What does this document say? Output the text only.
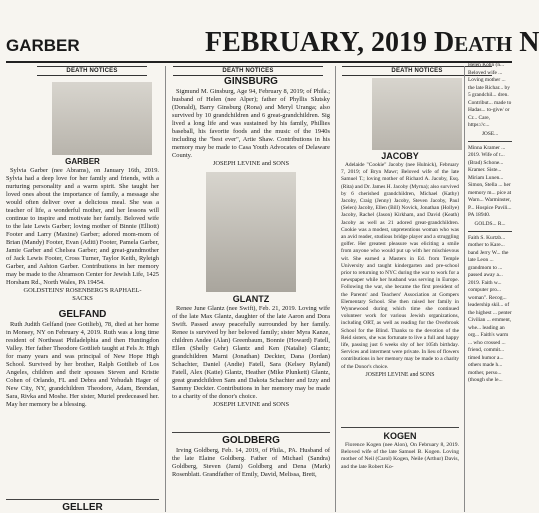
GARBER	FEBRUARY, 2019 DEATH N
DEATH NOTICES	DEATH NOTICES	DEATH NOTICES
GARBER

Sylvia Garber (nee Abrams), on January 16th, 2019. Sylvia had a deep love for her family and friends, with a nurturing personality and a warm spirit. She taught her loved ones about the importance of family, a message she would often deliver over a delicious meal. She was a teacher of life, a wonderful mother, and her lessons will continue to inspire and motivate her family. Beloved wife to the late Lewis Garber; loving mother of Binnie (Elliott) Footer and Larry (Maxine) Garber; adored mom-mom of Brian (Mandy) Footer, Evan (Aditi) Footer, Pamela Garber, Jamie Garber and Chelsea Garber; and great-grandmother of Jack Lewis Footer, Cross Turner, Taylor Keith, Ryleigh Garber, and Ashton Garber. Contributions in her memory may be made to the Abramson Center for Jewish Life, 1425 Horsham Rd., North Wales, PA 19454.

GOLDSTEINS' ROSENBERG'S RAPHAEL-SACKS
GELFAND

Ruth Judith Gelfand (nee Gottlieb), 78, died at her home in Monsey, NY on February 4, 2019. Ruth was a long time resident of Northeast Philadelphia and then Huntingdon Valley. Her father Theodore Gottlieb taught at Fels Jr. High for many years and was principal of New Hope High School. Survived by her brother, Ralph Gottlieb of Los Angeles, children and their spouses Steven and Kristie Cohen of Orlando, FL and Debra and Yehudah Hager of New City, NY, grandchildren Theodore, Adam, Brendan, Sara, Rivka and Moshe. Her sister, Muriel predeceased her. May her memory be a blessing.

GELLER
GINSBURG

Sigmund M. Ginsburg, Age 94, February 8, 2019; of Phila.; husband of Helen (nee Alper); father of Phyllis Slutsky (Donald), Barry Ginsburg (Rona) and Meryl Uranga; also survived by 10 grandchildren and 6 great-grandchildren. Sig lived a long life and was sustained by his family, Phillies baseball, his favorite foods and the music of the 1940s including the "best ever", Artie Shaw. Contributions in his memory may be made to Casa Youth Advocates of Delaware County.

JOSEPH LEVINE and SONS
GLANTZ

Renee June Glantz (nee Swift), Feb. 21, 2019. Loving wife of the late Max Glantz, daughter of the late Aaron and Dora Swift. Passed away peacefully surrounded by her family. Renee is survived by her beloved family; sister Myra Kanze, children Andee (Alan) Greenbaum, Bonnie (Howard) Fatell, Ellen (Shelly Gehr) Glantz and Ken (Natalie) Glantz; grandchildren Marni (Jonathan) Deckter, Dana (Jordan) Schachter, Daniel (Andie) Fatell, Sara (Kelsey Ryland) Fatell, Alex (Katie) Glantz, Heather (Mike Plunkett) Glantz, great grandchildren Sam and Dakota Schachter and Izzy and Sammy Deckter. Contributions in her memory may be made to a charity of the donor's choice.

JOSEPH LEVINE and SONS
GOLDBERG

Irving Goldberg, Feb. 14, 2019, of Phila., PA. Husband of the late Elaine Goldberg. Father of Michael (Sandra) Goldberg, Steven (Jami) Goldberg and Dena (Mark) Rosenblatt. Grandfather of Emily, David, Melissa, Brett,

JACOBY

Adelaide "Cookie" Jacoby (nee Hulnick), February 7, 2019; of Bryn Mawr; Beloved wife of the late Samuel T.; loving mother of Richard A. Jacoby, Esq. (Rita) and Dr. James H. Jacoby (Myrna); also survived by 6 cherished grandchildren, Michael (Kathy) Jacoby, Craig (Jenny) Jacoby, Steven Jacoby, Paul (Selen) Jacoby, Ellen (Bill) Novick, Jonathan (Hollye) Jacoby, Rachel (Jason) Kirkham, and David (Keath) Jacoby as well as 21 adored great-grandchildren. Cookie was a modest, unpretentious woman who was an avid reader, studious bridge player and a struggling golfer. Her greatest pleasure was eliciting a smile from anyone who would put up with her mischievous wit. She earned a Masters in Ed. from Temple University and taught kindergarten and pre-school prior to returning to NYC during the war to work for a newspaper while her husband was serving in Europe. Following the war, she became the first president of the Parents' and Teachers' Association at Gompers Elementary School. She then raised her family in Wynnewood during which time she continued volunteer work for various Jewish organizations, including ORT, as well as reading for the Overbrook School for the Blind. Thanks to the devotion of the Reid sisters, she was fortunate to live a full and happy life, passing just 6 weeks shy of her 105th birthday. Services and interment were private. In lieu of flowers contributions in her memory may be made to a charity of the Donor's choice.

JOSEPH LEVINE and SONS
KOGEN

Florence Kogen (nee Alon), On February 8, 2019. Beloved wife of the late Samuel B. Kogen. Loving mother of Neil (Carol) Kogen, Neile (Arthur) Davis, and the late Robert Ko-

Helen Kohn (n... Beloved wife ... Loving mother ... the late Richar... by 5 grandchil... dren. Contribut... made to Hadas... to-give/ or Cr... Care, https://c...
JOSE...
Minna Kramer ... 2019. Wife of t... (Brad) Schone... Kramer. Siste... Miriam Lunen... Simon, Stella ... her memory m... pice at Warn... Warminster, P... Hospice Pavili... PA 18940.
GOLDS... R...
Faith S. Kurtzb... mother to Kare... band Jerry W... the late Leon ... grandmom to ... passed away a... 2019. Faith w... computer pro... woman". Recog... leadership skil... of the highest ... penter Civilian ... ernment, whe... leading an org... Faith's warm ... who crossed ... friend, commit... timed humor a... others made h... mother, perso... (though she le...
